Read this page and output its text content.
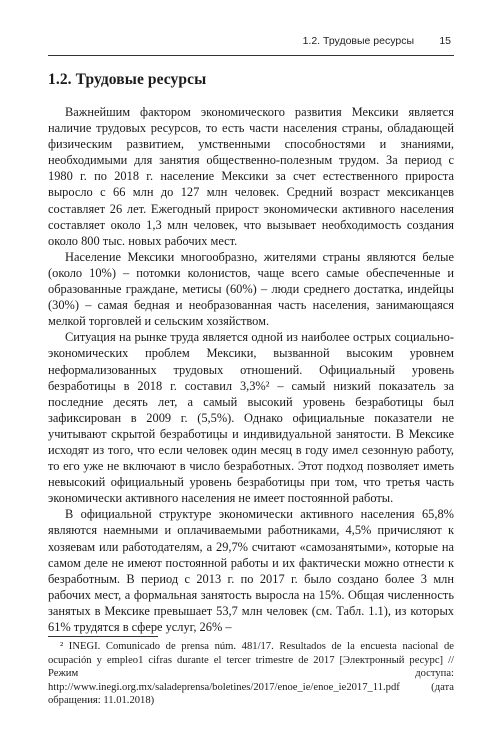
1.2. Трудовые ресурсы 15
1.2. Трудовые ресурсы

Важнейшим фактором экономического развития Мексики является наличие трудовых ресурсов, то есть части населения страны, обладающей физическим развитием, умственными способностями и знаниями, необходимыми для занятия общественно-полезным трудом. За период с 1980 г. по 2018 г. население Мексики за счет естественного прироста выросло с 66 млн до 127 млн человек. Средний возраст мексиканцев составляет 26 лет. Ежегодный прирост экономически активного населения составляет около 1,3 млн человек, что вызывает необходимость создания около 800 тыс. новых рабочих мест.

Население Мексики многообразно, жителями страны являются белые (около 10%) – потомки колонистов, чаще всего самые обеспеченные и образованные граждане, метисы (60%) – люди среднего достатка, индейцы (30%) – самая бедная и необразованная часть населения, занимающаяся мелкой торговлей и сельским хозяйством.

Ситуация на рынке труда является одной из наиболее острых социально-экономических проблем Мексики, вызванной высоким уровнем неформализованных трудовых отношений. Официальный уровень безработицы в 2018 г. составил 3,3%² – самый низкий показатель за последние десять лет, а самый высокий уровень безработицы был зафиксирован в 2009 г. (5,5%). Однако официальные показатели не учитывают скрытой безработицы и индивидуальной занятости. В Мексике исходят из того, что если человек один месяц в году имел сезонную работу, то его уже не включают в число безработных. Этот подход позволяет иметь невысокий официальный уровень безработицы при том, что третья часть экономически активного населения не имеет постоянной работы.

В официальной структуре экономически активного населения 65,8% являются наемными и оплачиваемыми работниками, 4,5% причисляют к хозяевам или работодателям, а 29,7% считают «самозанятыми», которые на самом деле не имеют постоянной работы и их фактически можно отнести к безработным. В период с 2013 г. по 2017 г. было создано более 3 млн рабочих мест, а формальная занятость выросла на 15%. Общая численность занятых в Мексике превышает 53,7 млн человек (см. Табл. 1.1), из которых 61% трудятся в сфере услуг, 26% –

² INEGI. Comunicado de prensa núm. 481/17. Resultados de la encuesta nacional de ocupación y empleo1 cifras durante el tercer trimestre de 2017 [Электронный ресурс] // Режим доступа: http://www.inegi.org.mx/saladeprensa/boletines/2017/enoe_ie/enoe_ie2017_11.pdf (дата обращения: 11.01.2018)
